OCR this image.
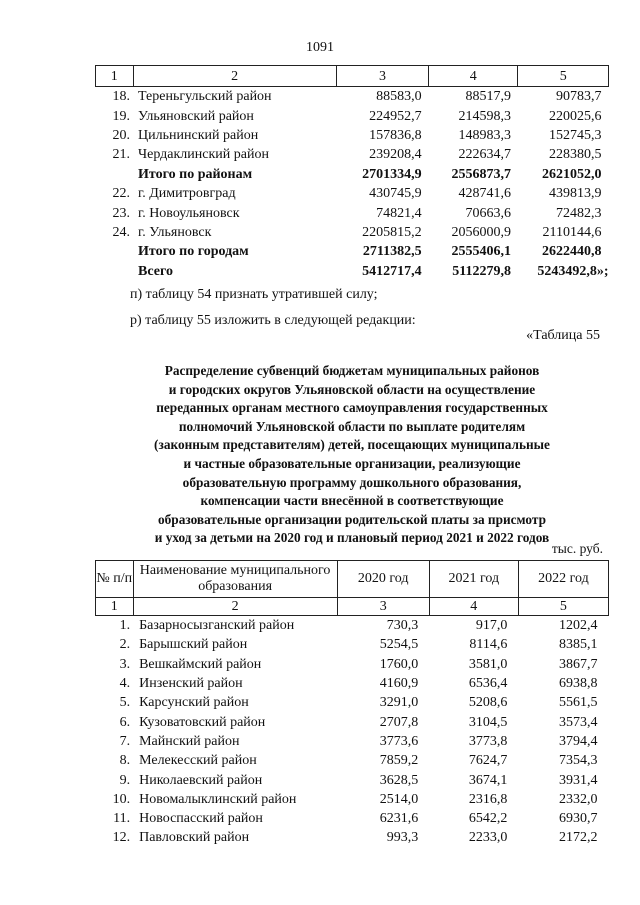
1091
1	2	3	4	5
18.	Тереньгульский район	88583,0	88517,9	90783,7
19.	Ульяновский район	224952,7	214598,3	220025,6
20.	Цильнинский район	157836,8	148983,3	152745,3
21.	Чердаклинский район	239208,4	222634,7	228380,5
	Итого по районам	2701334,9	2556873,7	2621052,0
22.	г. Димитровград	430745,9	428741,6	439813,9
23.	г. Новоульяновск	74821,4	70663,6	72482,3
24.	г. Ульяновск	2205815,2	2056000,9	2110144,6
	Итого по городам	2711382,5	2555406,1	2622440,8
	Всего	5412717,4	5112279,8	5243492,8»;
п) таблицу 54 признать утратившей силу;
р) таблицу 55 изложить в следующей редакции:
«Таблица 55
Распределение субвенций бюджетам муниципальных районов
и городских округов Ульяновской области на осуществление
переданных органам местного самоуправления государственных
полномочий Ульяновской области по выплате родителям
(законным представителям) детей, посещающих муниципальные
и частные образовательные организации, реализующие
образовательную программу дошкольного образования,
компенсации части внесённой в соответствующие
образовательные организации родительской платы за присмотр
и уход за детьми на 2020 год и плановый период 2021 и 2022 годов
тыс. руб.
№ п/п	Наименование муниципального образования	2020 год	2021 год	2022 год
1	2	3	4	5
1.	Базарносызганский район	730,3	917,0	1202,4
2.	Барышский район	5254,5	8114,6	8385,1
3.	Вешкаймский район	1760,0	3581,0	3867,7
4.	Инзенский район	4160,9	6536,4	6938,8
5.	Карсунский район	3291,0	5208,6	5561,5
6.	Кузоватовский район	2707,8	3104,5	3573,4
7.	Майнский район	3773,6	3773,8	3794,4
8.	Мелекесский район	7859,2	7624,7	7354,3
9.	Николаевский район	3628,5	3674,1	3931,4
10.	Новомалыклинский район	2514,0	2316,8	2332,0
11.	Новоспасский район	6231,6	6542,2	6930,7
12.	Павловский район	993,3	2233,0	2172,2
